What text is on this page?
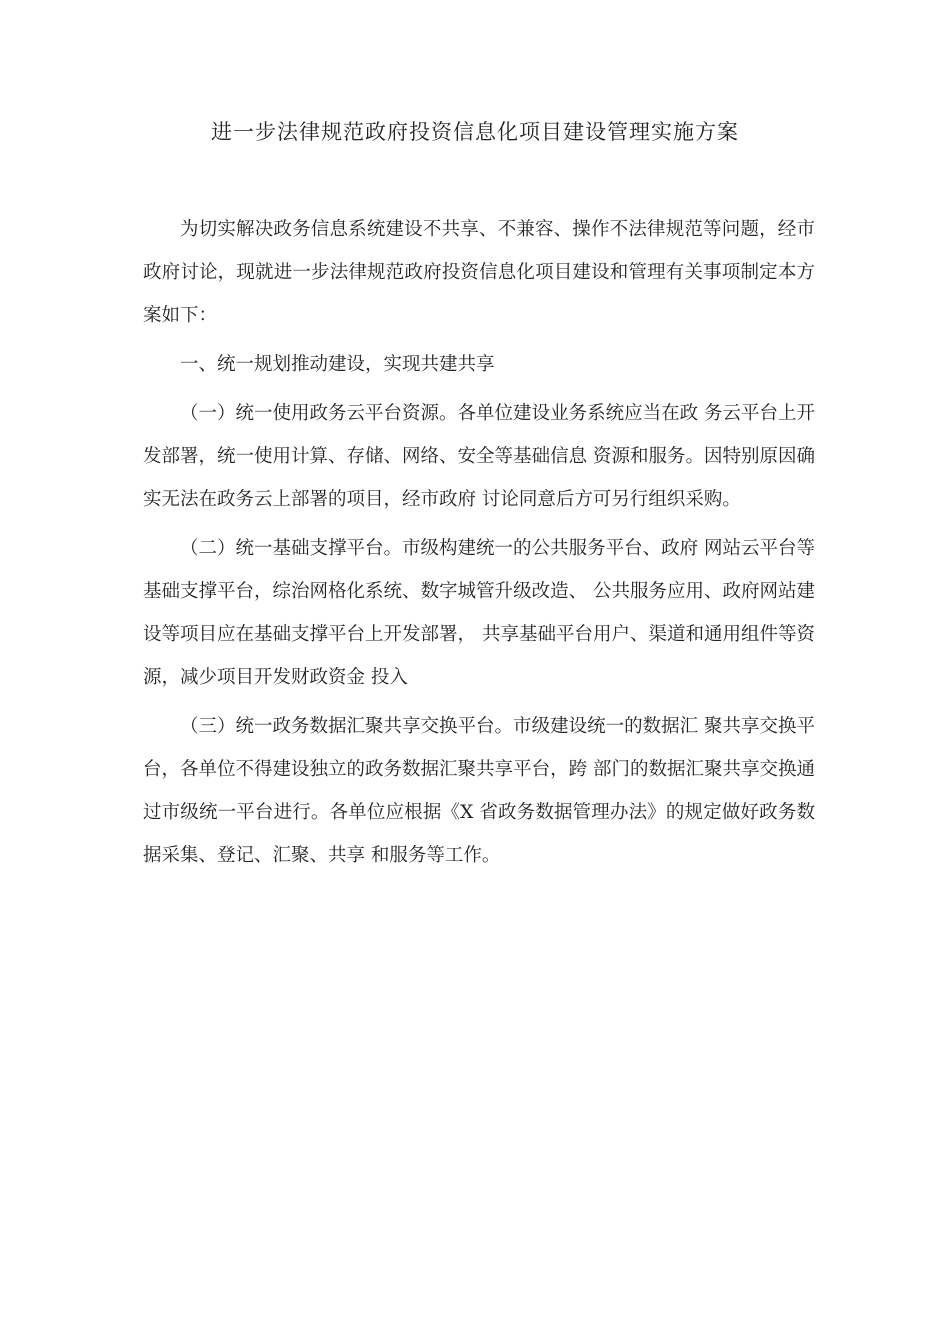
进一步法律规范政府投资信息化项目建设管理实施方案

为切实解决政务信息系统建设不共享、不兼容、操作不法律规范等问题，经市政府讨论，现就进一步法律规范政府投资信息化项目建设和管理有关事项制定本方案如下：

一、统一规划推动建设，实现共建共享

（一）统一使用政务云平台资源。各单位建设业务系统应当在政 务云平台上开发部署，统一使用计算、存储、网络、安全等基础信息 资源和服务。因特别原因确实无法在政务云上部署的项目，经市政府 讨论同意后方可另行组织采购。

（二）统一基础支撑平台。市级构建统一的公共服务平台、政府 网站云平台等基础支撑平台，综治网格化系统、数字城管升级改造、 公共服务应用、政府网站建设等项目应在基础支撑平台上开发部署， 共享基础平台用户、渠道和通用组件等资源，减少项目开发财政资金 投入

（三）统一政务数据汇聚共享交换平台。市级建设统一的数据汇 聚共享交换平台，各单位不得建设独立的政务数据汇聚共享平台，跨 部门的数据汇聚共享交换通过市级统一平台进行。各单位应根据《X 省政务数据管理办法》的规定做好政务数据采集、登记、汇聚、共享 和服务等工作。
